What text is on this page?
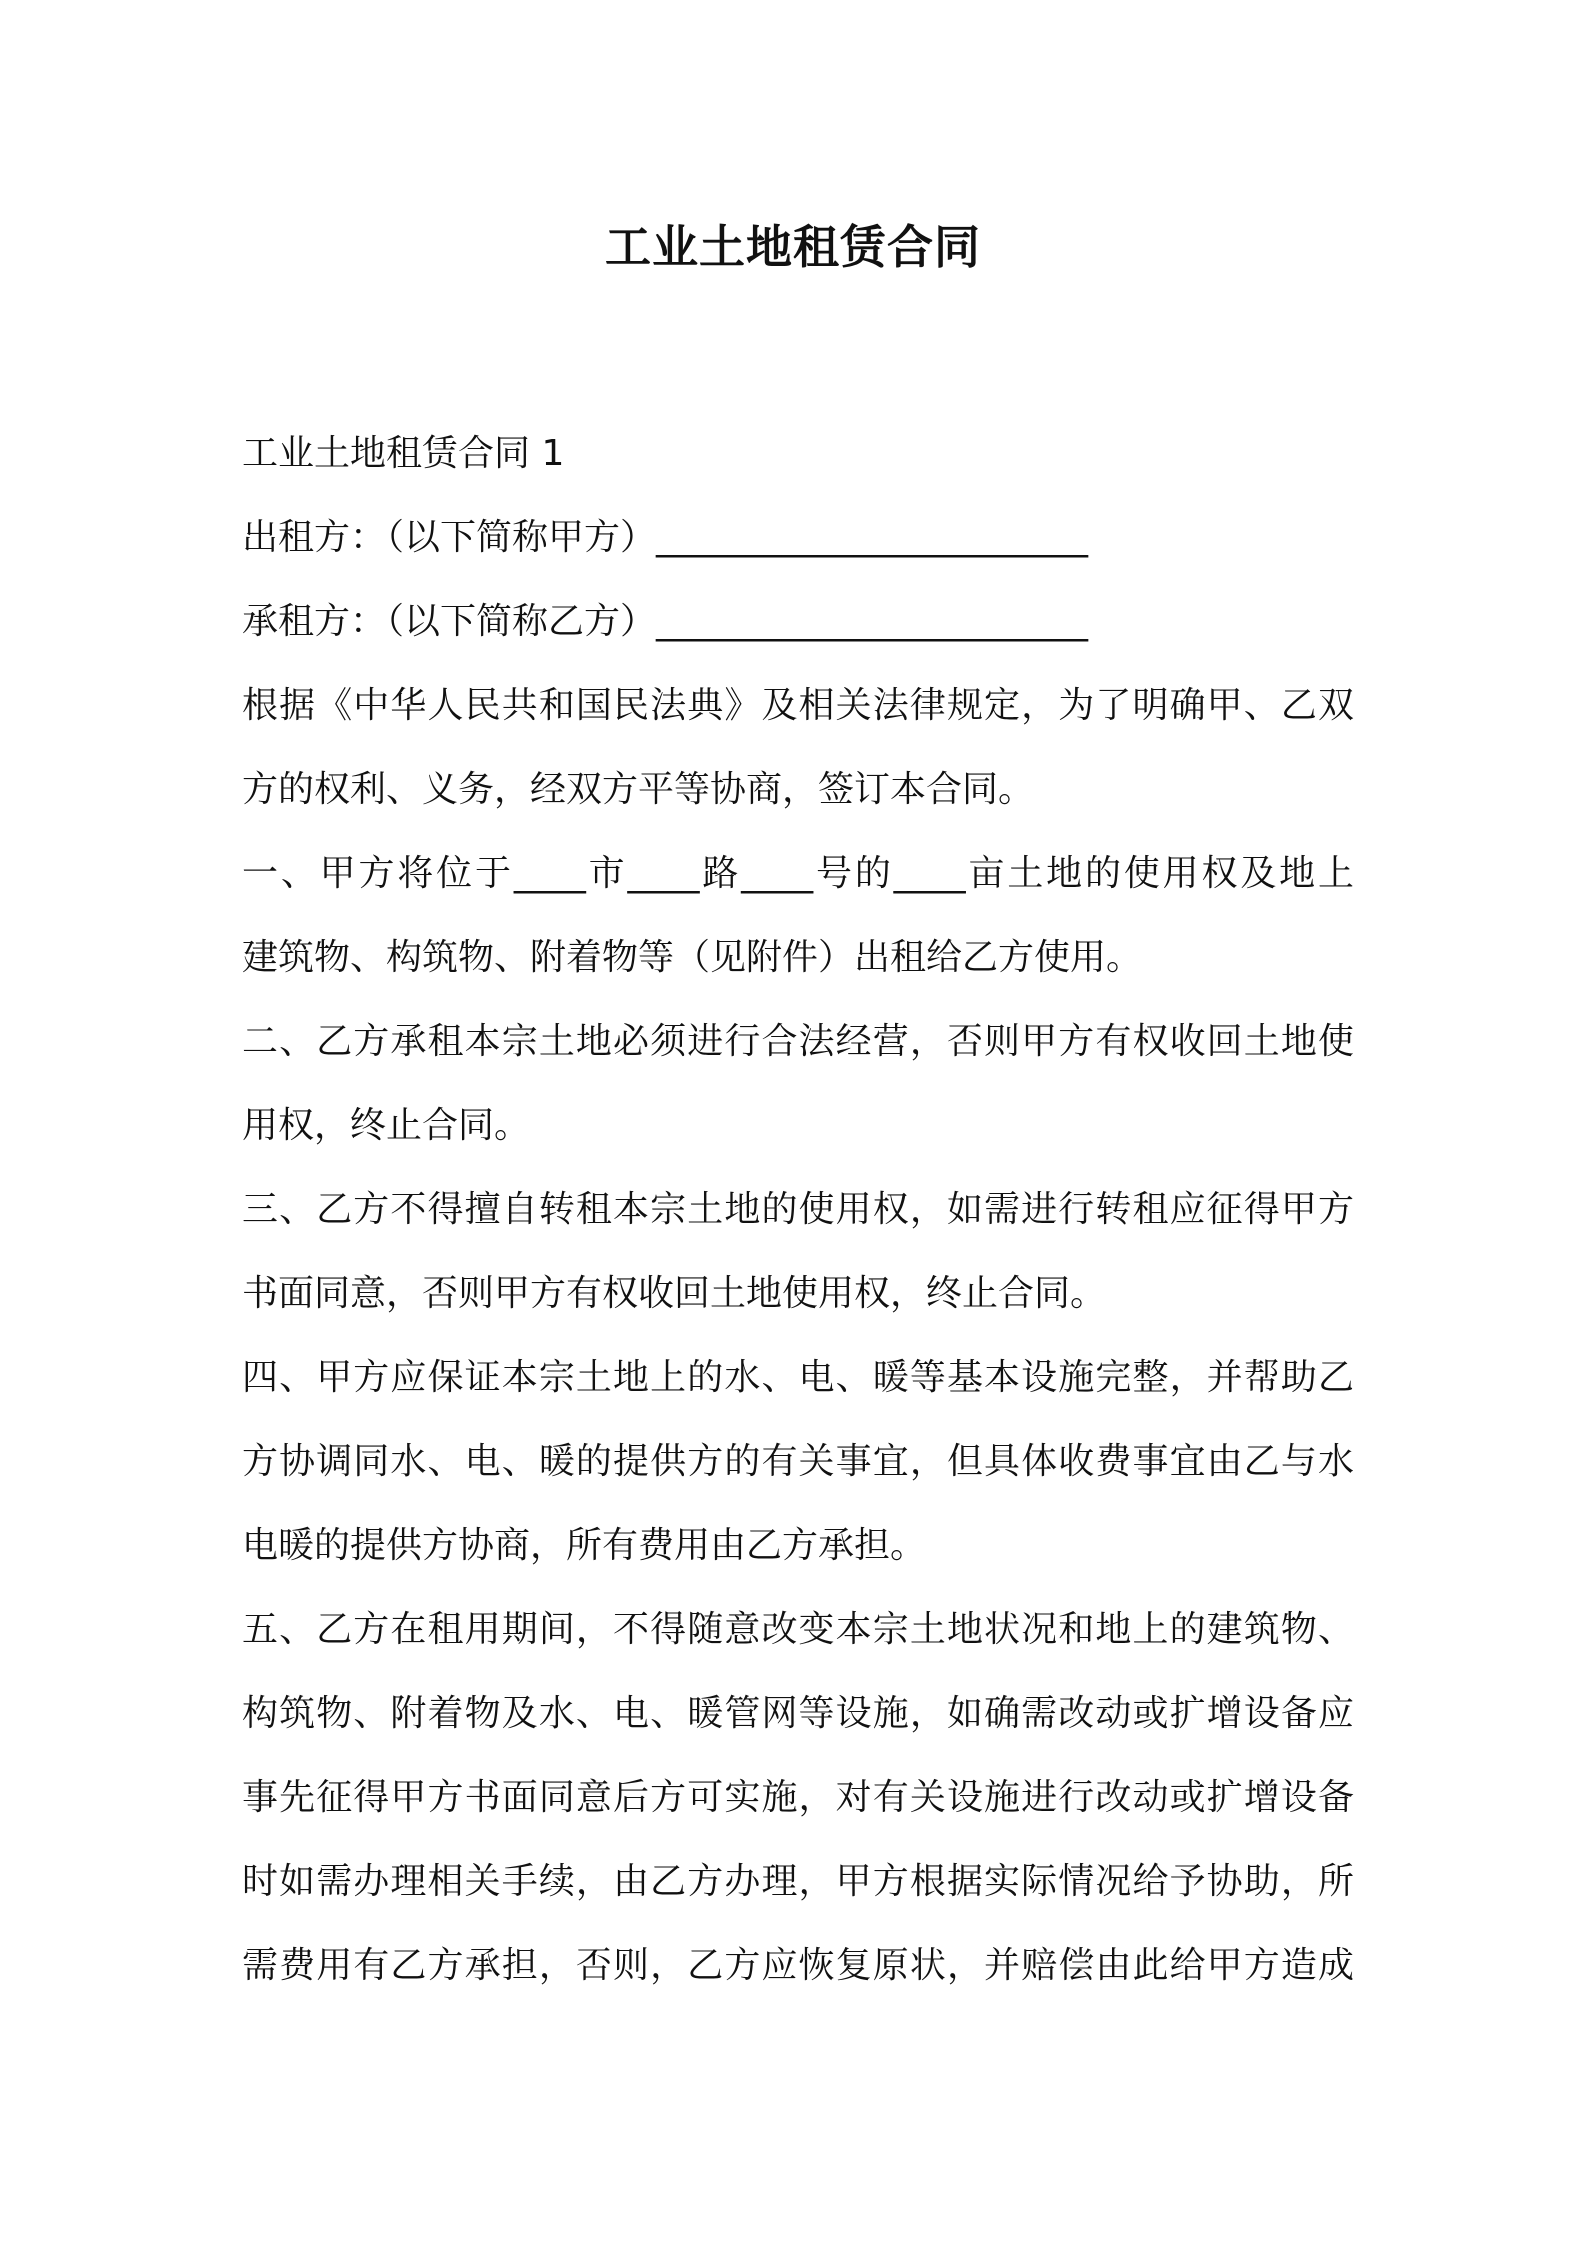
工业土地租赁合同
工业土地租赁合同 1
出租方：（以下简称甲方）________________________
承租方：（以下简称乙方）________________________
根据《中华人民共和国民法典》及相关法律规定，为了明确甲、乙双
方的权利、义务，经双方平等协商，签订本合同。
一、甲方将位于____市____路____号的____亩土地的使用权及地上
建筑物、构筑物、附着物等（见附件）出租给乙方使用。
二、乙方承租本宗土地必须进行合法经营，否则甲方有权收回土地使
用权，终止合同。
三、乙方不得擅自转租本宗土地的使用权，如需进行转租应征得甲方
书面同意，否则甲方有权收回土地使用权，终止合同。
四、甲方应保证本宗土地上的水、电、暖等基本设施完整，并帮助乙
方协调同水、电、暖的提供方的有关事宜，但具体收费事宜由乙与水
电暖的提供方协商，所有费用由乙方承担。
五、乙方在租用期间，不得随意改变本宗土地状况和地上的建筑物、
构筑物、附着物及水、电、暖管网等设施，如确需改动或扩增设备应
事先征得甲方书面同意后方可实施，对有关设施进行改动或扩增设备
时如需办理相关手续，由乙方办理，甲方根据实际情况给予协助，所
需费用有乙方承担，否则，乙方应恢复原状，并赔偿由此给甲方造成
